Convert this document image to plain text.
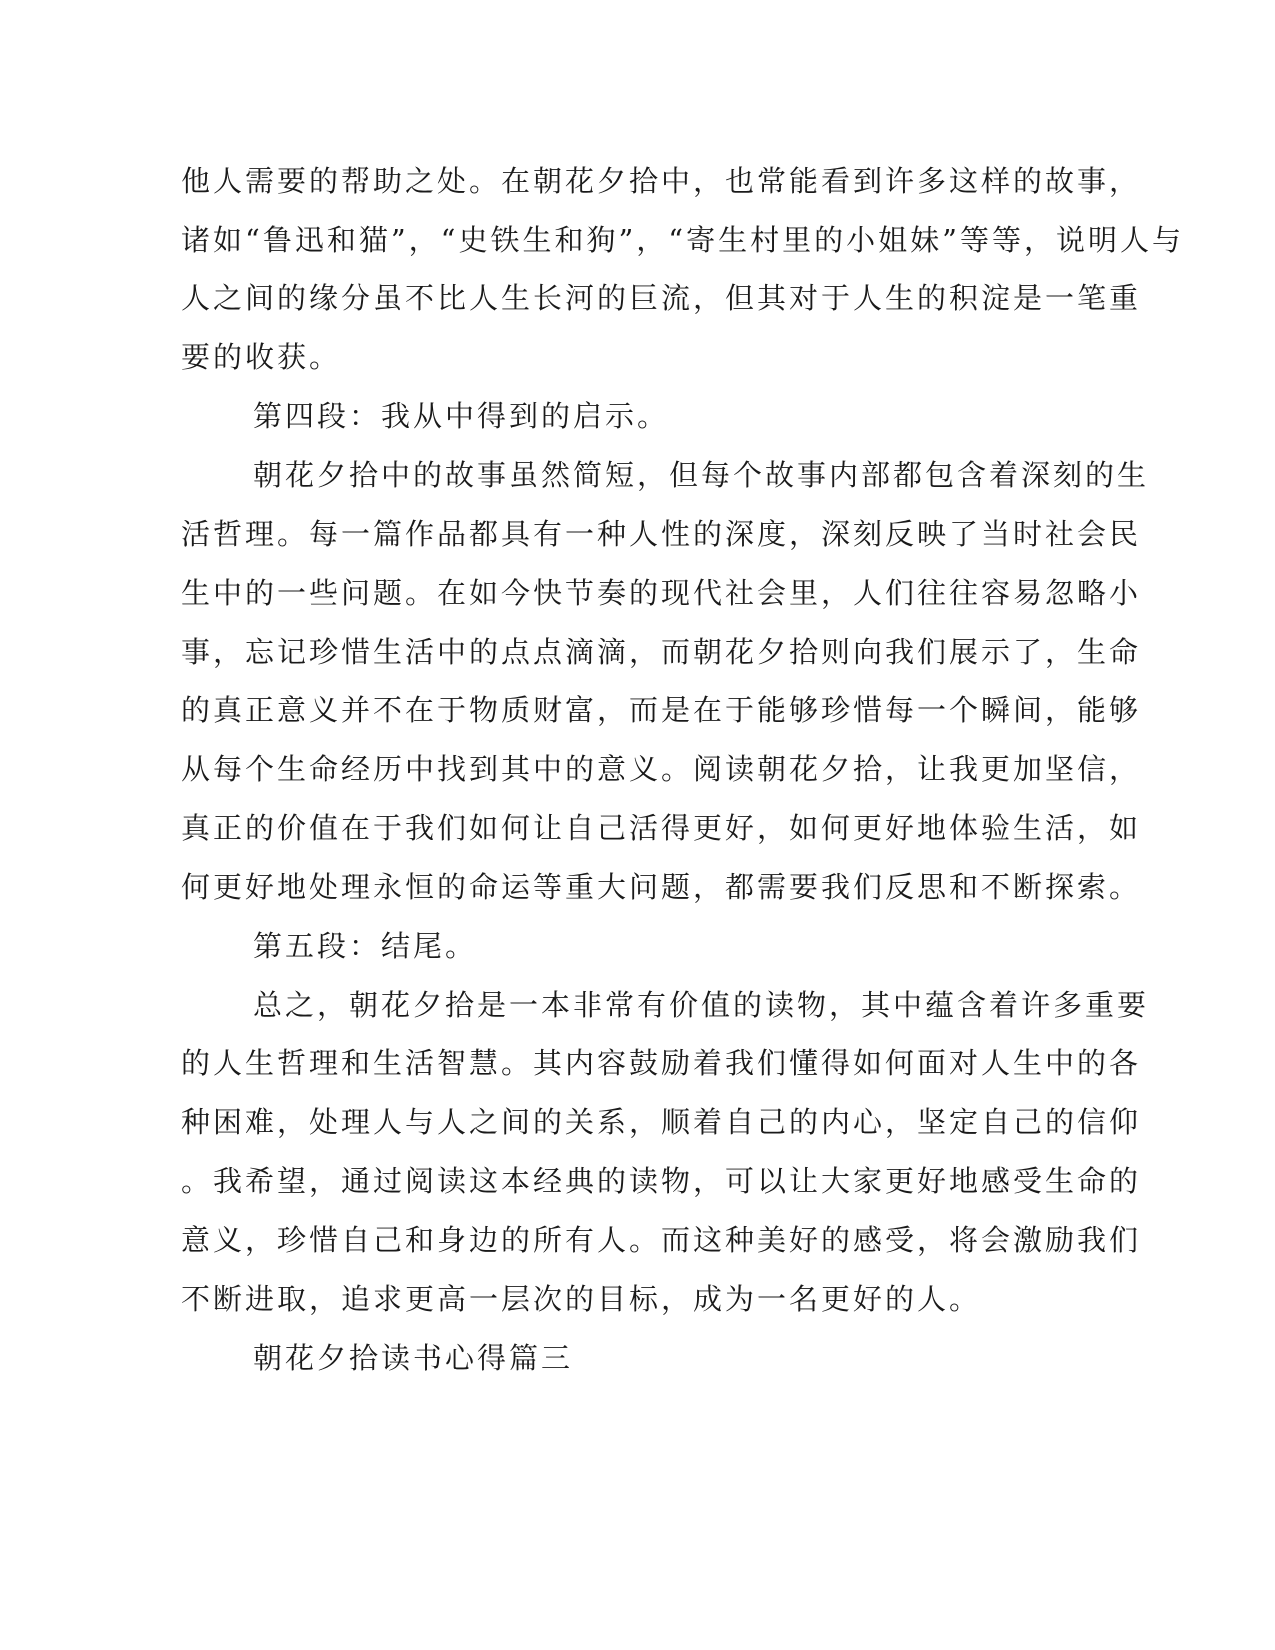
他人需要的帮助之处。在朝花夕拾中，也常能看到许多这样的故事，
诸如“鲁迅和猫”，“史铁生和狗”，“寄生村里的小姐妹”等等，说明人与
人之间的缘分虽不比人生长河的巨流，但其对于人生的积淀是一笔重
要的收获。
第四段：我从中得到的启示。
朝花夕拾中的故事虽然简短，但每个故事内部都包含着深刻的生
活哲理。每一篇作品都具有一种人性的深度，深刻反映了当时社会民
生中的一些问题。在如今快节奏的现代社会里，人们往往容易忽略小
事，忘记珍惜生活中的点点滴滴，而朝花夕拾则向我们展示了，生命
的真正意义并不在于物质财富，而是在于能够珍惜每一个瞬间，能够
从每个生命经历中找到其中的意义。阅读朝花夕拾，让我更加坚信，
真正的价值在于我们如何让自己活得更好，如何更好地体验生活，如
何更好地处理永恒的命运等重大问题，都需要我们反思和不断探索。
第五段：结尾。
总之，朝花夕拾是一本非常有价值的读物，其中蕴含着许多重要
的人生哲理和生活智慧。其内容鼓励着我们懂得如何面对人生中的各
种困难，处理人与人之间的关系，顺着自己的内心，坚定自己的信仰
。我希望，通过阅读这本经典的读物，可以让大家更好地感受生命的
意义，珍惜自己和身边的所有人。而这种美好的感受，将会激励我们
不断进取，追求更高一层次的目标，成为一名更好的人。
朝花夕拾读书心得篇三
